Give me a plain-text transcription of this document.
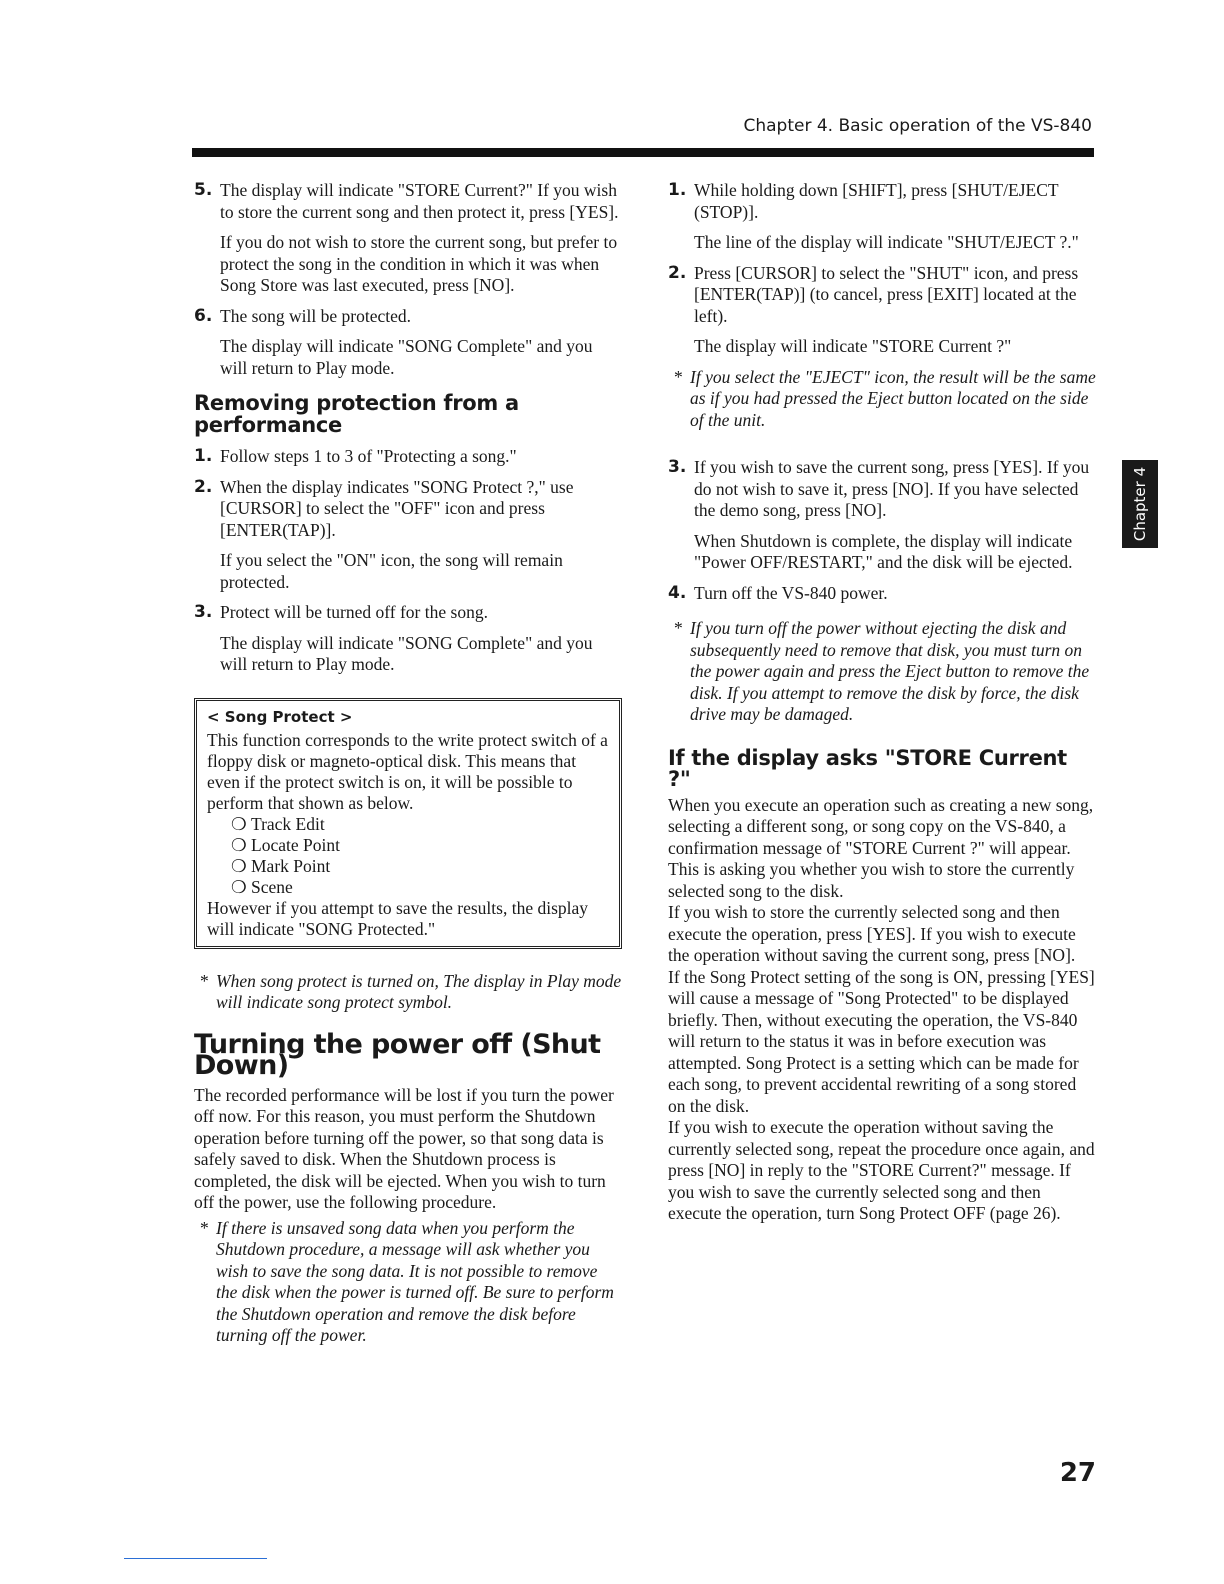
Chapter 4. Basic operation of the VS-840
5. The display will indicate "STORE Current?" If you wish to store the current song and then protect it, press [YES].

If you do not wish to store the current song, but prefer to protect the song in the condition in which it was when Song Store was last executed, press [NO].

6. The song will be protected.

The display will indicate "SONG Complete" and you will return to Play mode.

Removing protection from a performance
1. Follow steps 1 to 3 of "Protecting a song."

2. When the display indicates "SONG Protect ?," use [CURSOR] to select the "OFF" icon and press [ENTER(TAP)].

If you select the "ON" icon, the song will remain protected.

3. Protect will be turned off for the song.

The display will indicate "SONG Complete" and you will return to Play mode.

< Song Protect >

This function corresponds to the write protect switch of a floppy disk or magneto-optical disk. This means that even if the protect switch is on, it will be possible to perform that shown as below.

❍ Track Edit
❍ Locate Point
❍ Mark Point
❍ Scene

However if you attempt to save the results, the display will indicate "SONG Protected."

* When song protect is turned on, The display in Play mode will indicate song protect symbol.
Turning the power off (Shut Down)

The recorded performance will be lost if you turn the power off now. For this reason, you must perform the Shutdown operation before turning off the power, so that song data is safely saved to disk. When the Shutdown process is completed, the disk will be ejected. When you wish to turn off the power, use the following procedure.

* If there is unsaved song data when you perform the Shutdown procedure, a message will ask whether you wish to save the song data. It is not possible to remove the disk when the power is turned off. Be sure to perform the Shutdown operation and remove the disk before turning off the power.
1. While holding down [SHIFT], press [SHUT/EJECT (STOP)].

The line of the display will indicate "SHUT/EJECT ?."

2. Press [CURSOR] to select the "SHUT" icon, and press [ENTER(TAP)] (to cancel, press [EXIT] located at the left).

The display will indicate "STORE Current ?"

* If you select the "EJECT" icon, the result will be the same as if you had pressed the Eject button located on the side of the unit.
3. If you wish to save the current song, press [YES]. If you do not wish to save it, press [NO]. If you have selected the demo song, press [NO].

When Shutdown is complete, the display will indicate "Power OFF/RESTART," and the disk will be ejected.

4. Turn off the VS-840 power.

* If you turn off the power without ejecting the disk and subsequently need to remove that disk, you must turn on the power again and press the Eject button to remove the disk. If you attempt to remove the disk by force, the disk drive may be damaged.
If the display asks "STORE Current ?"

When you execute an operation such as creating a new song, selecting a different song, or song copy on the VS-840, a confirmation message of "STORE Current ?" will appear. This is asking you whether you wish to store the currently selected song to the disk.

If you wish to store the currently selected song and then execute the operation, press [YES]. If you wish to execute the operation without saving the current song, press [NO].

If the Song Protect setting of the song is ON, pressing [YES] will cause a message of "Song Protected" to be displayed briefly. Then, without executing the operation, the VS-840 will return to the status it was in before execution was attempted. Song Protect is a setting which can be made for each song, to prevent accidental rewriting of a song stored on the disk.

If you wish to execute the operation without saving the currently selected song, repeat the procedure once again, and press [NO] in reply to the "STORE Current?" message. If you wish to save the currently selected song and then execute the operation, turn Song Protect OFF (page 26).

Chapter 4
27
